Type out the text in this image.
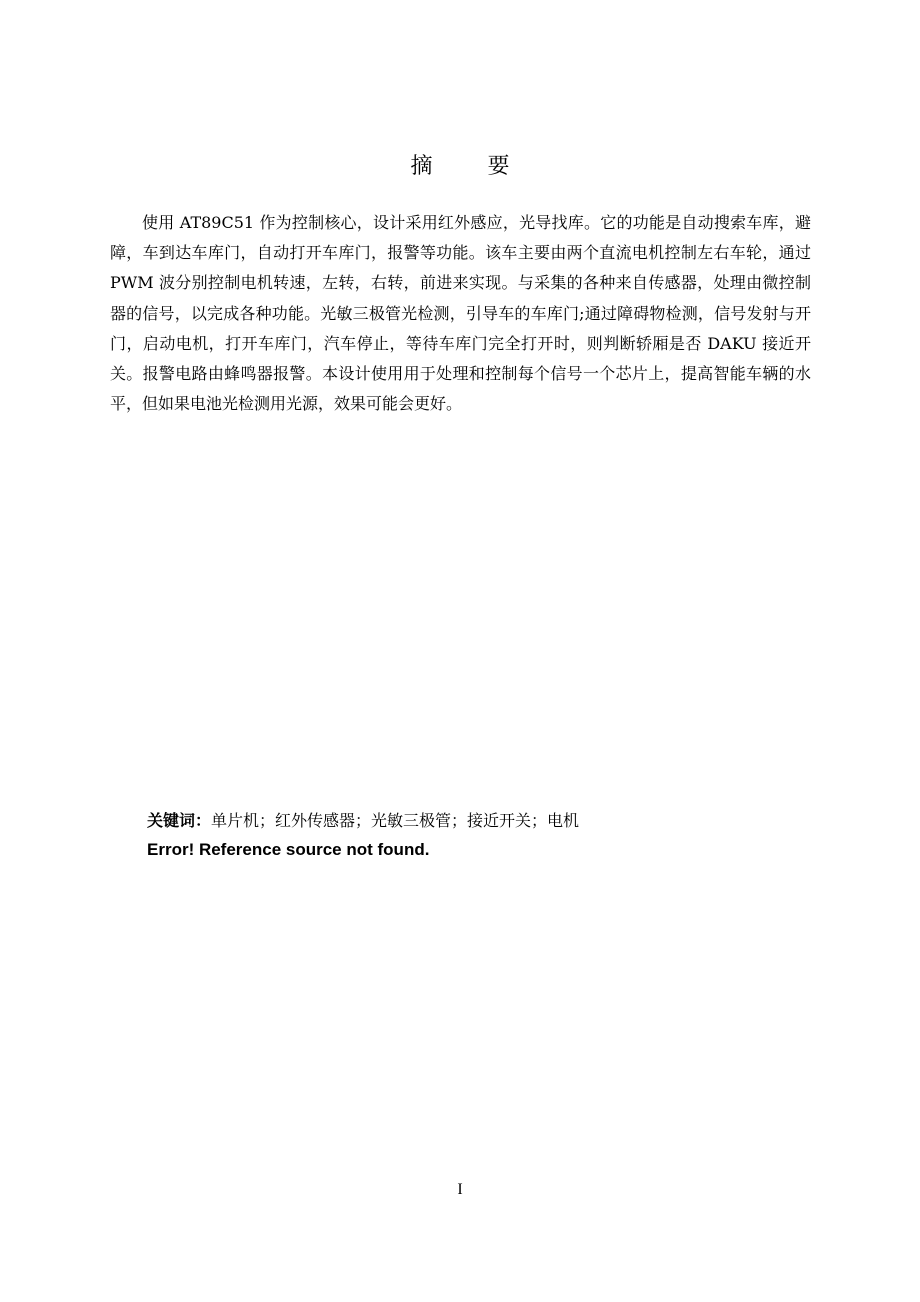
摘 要

使用 AT89C51 作为控制核心，设计采用红外感应，光导找库。它的功能是自动搜索车库，避障，车到达车库门，自动打开车库门，报警等功能。该车主要由两个直流电机控制左右车轮，通过 PWM 波分别控制电机转速，左转，右转，前进来实现。与采集的各种来自传感器，处理由微控制器的信号，以完成各种功能。光敏三极管光检测，引导车的车库门;通过障碍物检测，信号发射与开门，启动电机，打开车库门，汽车停止，等待车库门完全打开时，则判断轿厢是否 DAKU 接近开关。报警电路由蜂鸣器报警。本设计使用用于处理和控制每个信号一个芯片上，提高智能车辆的水平，但如果电池光检测用光源，效果可能会更好。

关键词：单片机；红外传感器；光敏三极管；接近开关；电机
Error! Reference source not found.
I
